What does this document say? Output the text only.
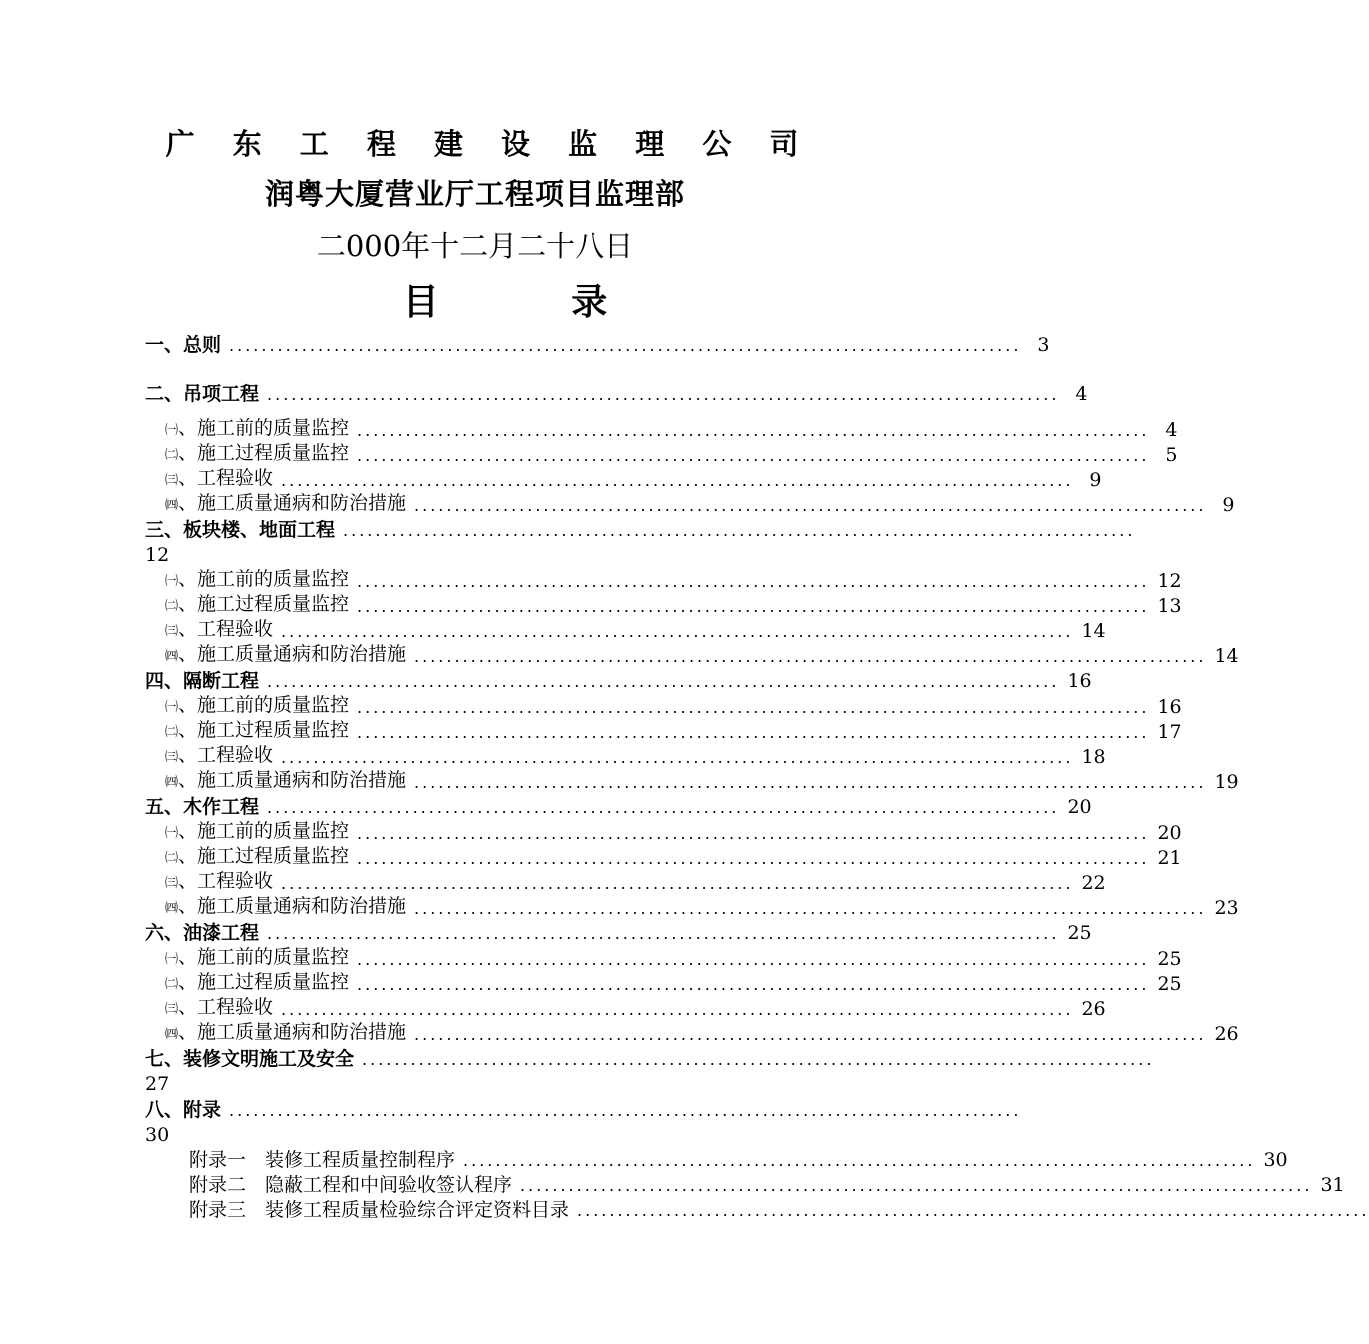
广 东 工 程 建 设 监 理 公 司
润粤大厦营业厅工程项目监理部
二000年十二月二十八日
目 录
一、总则 .................................................................................................. 3
二、吊项工程 .................................................................................................. 4
㈠、施工前的质量监控 .................................................................................................. 4
㈡、施工过程质量监控 .................................................................................................. 5
㈢、工程验收 .................................................................................................. 9
㈣、施工质量通病和防治措施 .................................................................................................. 9
三、板块楼、地面工程 ..................................................................................................
12
㈠、施工前的质量监控 .................................................................................................. 12
㈡、施工过程质量监控 .................................................................................................. 13
㈢、工程验收 .................................................................................................. 14
㈣、施工质量通病和防治措施 .................................................................................................. 14
四、隔断工程 .................................................................................................. 16
㈠、施工前的质量监控 .................................................................................................. 16
㈡、施工过程质量监控 .................................................................................................. 17
㈢、工程验收 .................................................................................................. 18
㈣、施工质量通病和防治措施 .................................................................................................. 19
五、木作工程 .................................................................................................. 20
㈠、施工前的质量监控 .................................................................................................. 20
㈡、施工过程质量监控 .................................................................................................. 21
㈢、工程验收 .................................................................................................. 22
㈣、施工质量通病和防治措施 .................................................................................................. 23
六、油漆工程 .................................................................................................. 25
㈠、施工前的质量监控 .................................................................................................. 25
㈡、施工过程质量监控 .................................................................................................. 25
㈢、工程验收 .................................................................................................. 26
㈣、施工质量通病和防治措施 .................................................................................................. 26
七、装修文明施工及安全 ..................................................................................................
27
八、附录 ..................................................................................................
30
附录一　装修工程质量控制程序 .................................................................................................. 30
附录二　隐蔽工程和中间验收签认程序 .................................................................................................. 31
附录三　装修工程质量检验综合评定资料目录 ..................................................................................................
